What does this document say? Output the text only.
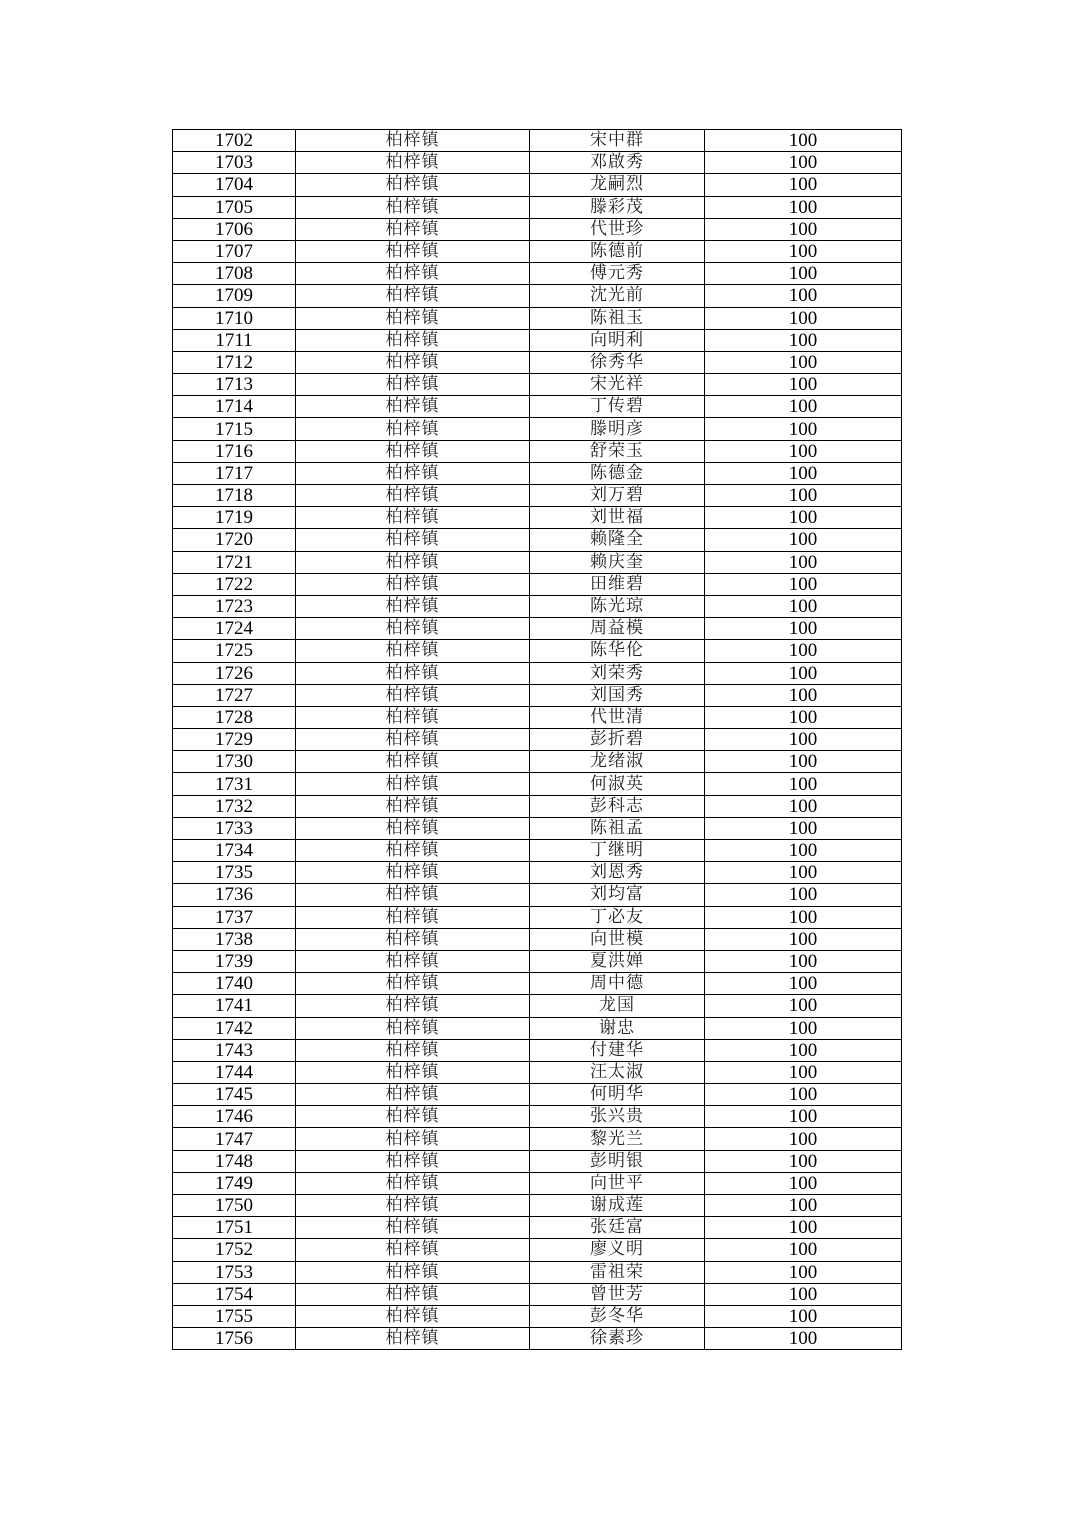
1702	柏梓镇	宋中群	100
1703	柏梓镇	邓啟秀	100
1704	柏梓镇	龙嗣烈	100
1705	柏梓镇	滕彩茂	100
1706	柏梓镇	代世珍	100
1707	柏梓镇	陈德前	100
1708	柏梓镇	傅元秀	100
1709	柏梓镇	沈光前	100
1710	柏梓镇	陈祖玉	100
1711	柏梓镇	向明利	100
1712	柏梓镇	徐秀华	100
1713	柏梓镇	宋光祥	100
1714	柏梓镇	丁传碧	100
1715	柏梓镇	滕明彦	100
1716	柏梓镇	舒荣玉	100
1717	柏梓镇	陈德金	100
1718	柏梓镇	刘万碧	100
1719	柏梓镇	刘世福	100
1720	柏梓镇	赖隆全	100
1721	柏梓镇	赖庆奎	100
1722	柏梓镇	田维碧	100
1723	柏梓镇	陈光琼	100
1724	柏梓镇	周益模	100
1725	柏梓镇	陈华伦	100
1726	柏梓镇	刘荣秀	100
1727	柏梓镇	刘国秀	100
1728	柏梓镇	代世清	100
1729	柏梓镇	彭折碧	100
1730	柏梓镇	龙绪淑	100
1731	柏梓镇	何淑英	100
1732	柏梓镇	彭科志	100
1733	柏梓镇	陈祖孟	100
1734	柏梓镇	丁继明	100
1735	柏梓镇	刘恩秀	100
1736	柏梓镇	刘均富	100
1737	柏梓镇	丁必友	100
1738	柏梓镇	向世模	100
1739	柏梓镇	夏洪婵	100
1740	柏梓镇	周中德	100
1741	柏梓镇	龙国	100
1742	柏梓镇	谢忠	100
1743	柏梓镇	付建华	100
1744	柏梓镇	汪太淑	100
1745	柏梓镇	何明华	100
1746	柏梓镇	张兴贵	100
1747	柏梓镇	黎光兰	100
1748	柏梓镇	彭明银	100
1749	柏梓镇	向世平	100
1750	柏梓镇	谢成莲	100
1751	柏梓镇	张廷富	100
1752	柏梓镇	廖义明	100
1753	柏梓镇	雷祖荣	100
1754	柏梓镇	曾世芳	100
1755	柏梓镇	彭冬华	100
1756	柏梓镇	徐素珍	100
